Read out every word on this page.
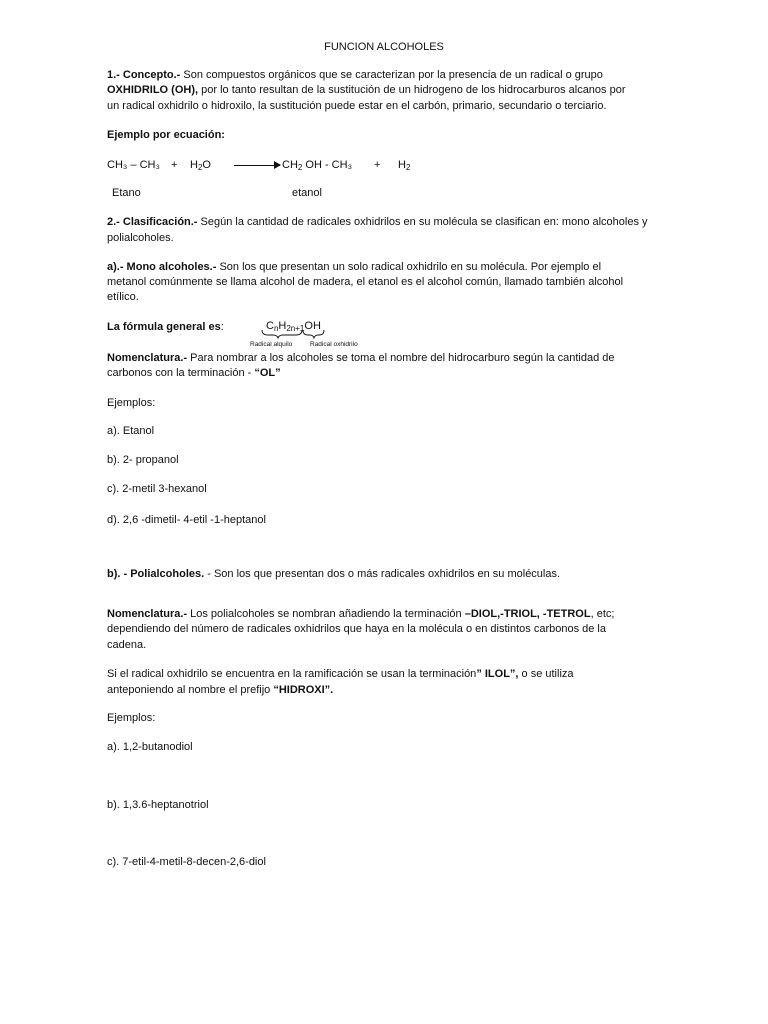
FUNCION ALCOHOLES
1.- Concepto.- Son compuestos orgánicos que se caracterizan por la presencia de un radical o grupo
OXHIDRILO (OH), por lo tanto resultan de la sustitución de un hidrogeno de los hidrocarburos alcanos por
un radical oxhidrilo o hidroxilo, la sustitución puede estar en el carbón, primario, secundario o terciario.
Ejemplo por ecuación:
$CH_3 - CH_3 + H_2O$	$CH_2$ OH - $CH_3 + H_2$
Etano	etanol
2.- Clasificación.- Según la cantidad de radicales oxhidrilos en su molécula se clasifican en: mono alcoholes y
polialcoholes.
a).- Mono alcoholes.- Son los que presentan un solo radical oxhidrilo en su molécula. Por ejemplo el
metanol comúnmente se llama alcohol de madera, el etanol es el alcohol común, llamado también alcohol
etílico.
La fórmula general es:	$C_nH_{2n+1}OH$
Radical alquilo	Radical oxhidrilo
Nomenclatura.- Para nombrar a los alcoholes se toma el nombre del hidrocarburo según la cantidad de
carbonos con la terminación - “OL”
Ejemplos:
a). Etanol
b). 2- propanol
c). 2-metil 3-hexanol
d). 2,6 -dimetil- 4-etil -1-heptanol
b). - Polialcoholes. - Son los que presentan dos o más radicales oxhidrilos en su moléculas.
Nomenclatura.- Los polialcoholes se nombran añadiendo la terminación –DIOL,-TRIOL, -TETROL, etc;
dependiendo del número de radicales oxhidrilos que haya en la molécula o en distintos carbonos de la
cadena.
Si el radical oxhidrilo se encuentra en la ramificación se usan la terminación” ILOL”, o se utiliza
anteponiendo al nombre el prefijo “HIDROXI”.
Ejemplos:
a). 1,2-butanodiol
b). 1,3.6-heptanotriol
c). 7-etil-4-metil-8-decen-2,6-diol
